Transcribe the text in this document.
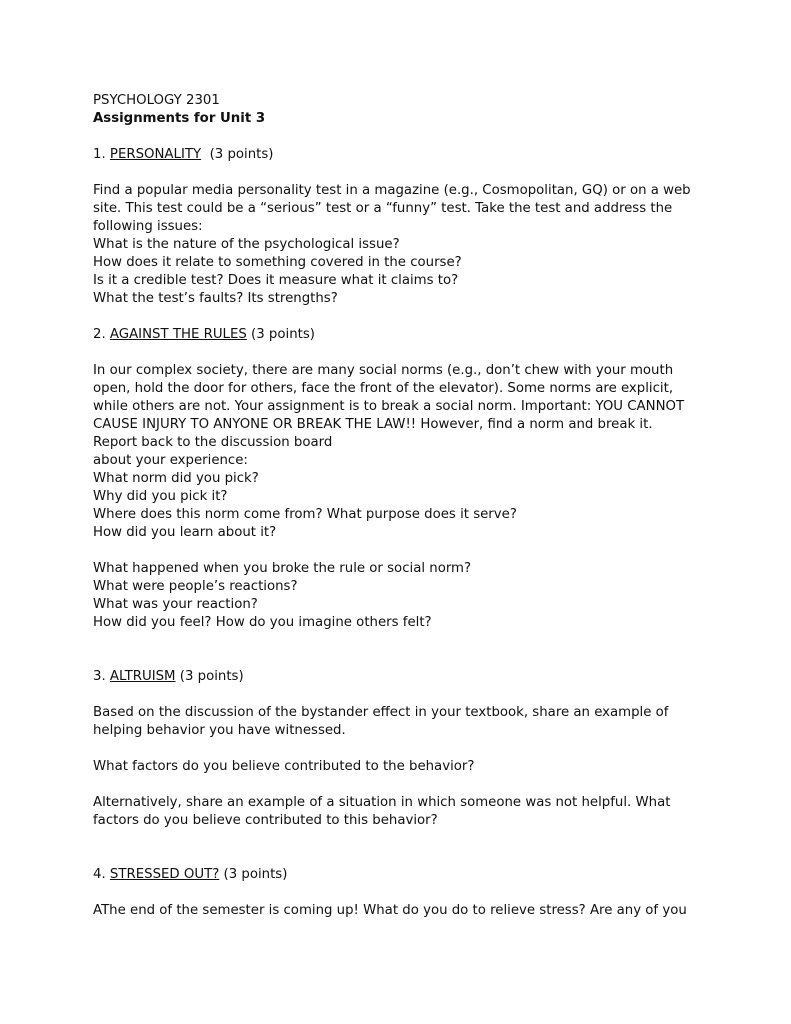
PSYCHOLOGY 2301
Assignments for Unit 3
1. PERSONALITY (3 points)
Find a popular media personality test in a magazine (e.g., Cosmopolitan, GQ) or on a web
site. This test could be a “serious” test or a “funny” test. Take the test and address the
following issues:
What is the nature of the psychological issue?
How does it relate to something covered in the course?
Is it a credible test? Does it measure what it claims to?
What the test’s faults? Its strengths?
2. AGAINST THE RULES (3 points)
In our complex society, there are many social norms (e.g., don’t chew with your mouth
open, hold the door for others, face the front of the elevator). Some norms are explicit,
while others are not. Your assignment is to break a social norm. Important: YOU CANNOT
CAUSE INJURY TO ANYONE OR BREAK THE LAW!! However, find a norm and break it.
Report back to the discussion board
about your experience:
What norm did you pick?
Why did you pick it?
Where does this norm come from? What purpose does it serve?
How did you learn about it?
What happened when you broke the rule or social norm?
What were people’s reactions?
What was your reaction?
How did you feel? How do you imagine others felt?
3. ALTRUISM (3 points)
Based on the discussion of the bystander effect in your textbook, share an example of
helping behavior you have witnessed.
What factors do you believe contributed to the behavior?
Alternatively, share an example of a situation in which someone was not helpful. What
factors do you believe contributed to this behavior?
4. STRESSED OUT? (3 points)
AThe end of the semester is coming up! What do you do to relieve stress? Are any of you
